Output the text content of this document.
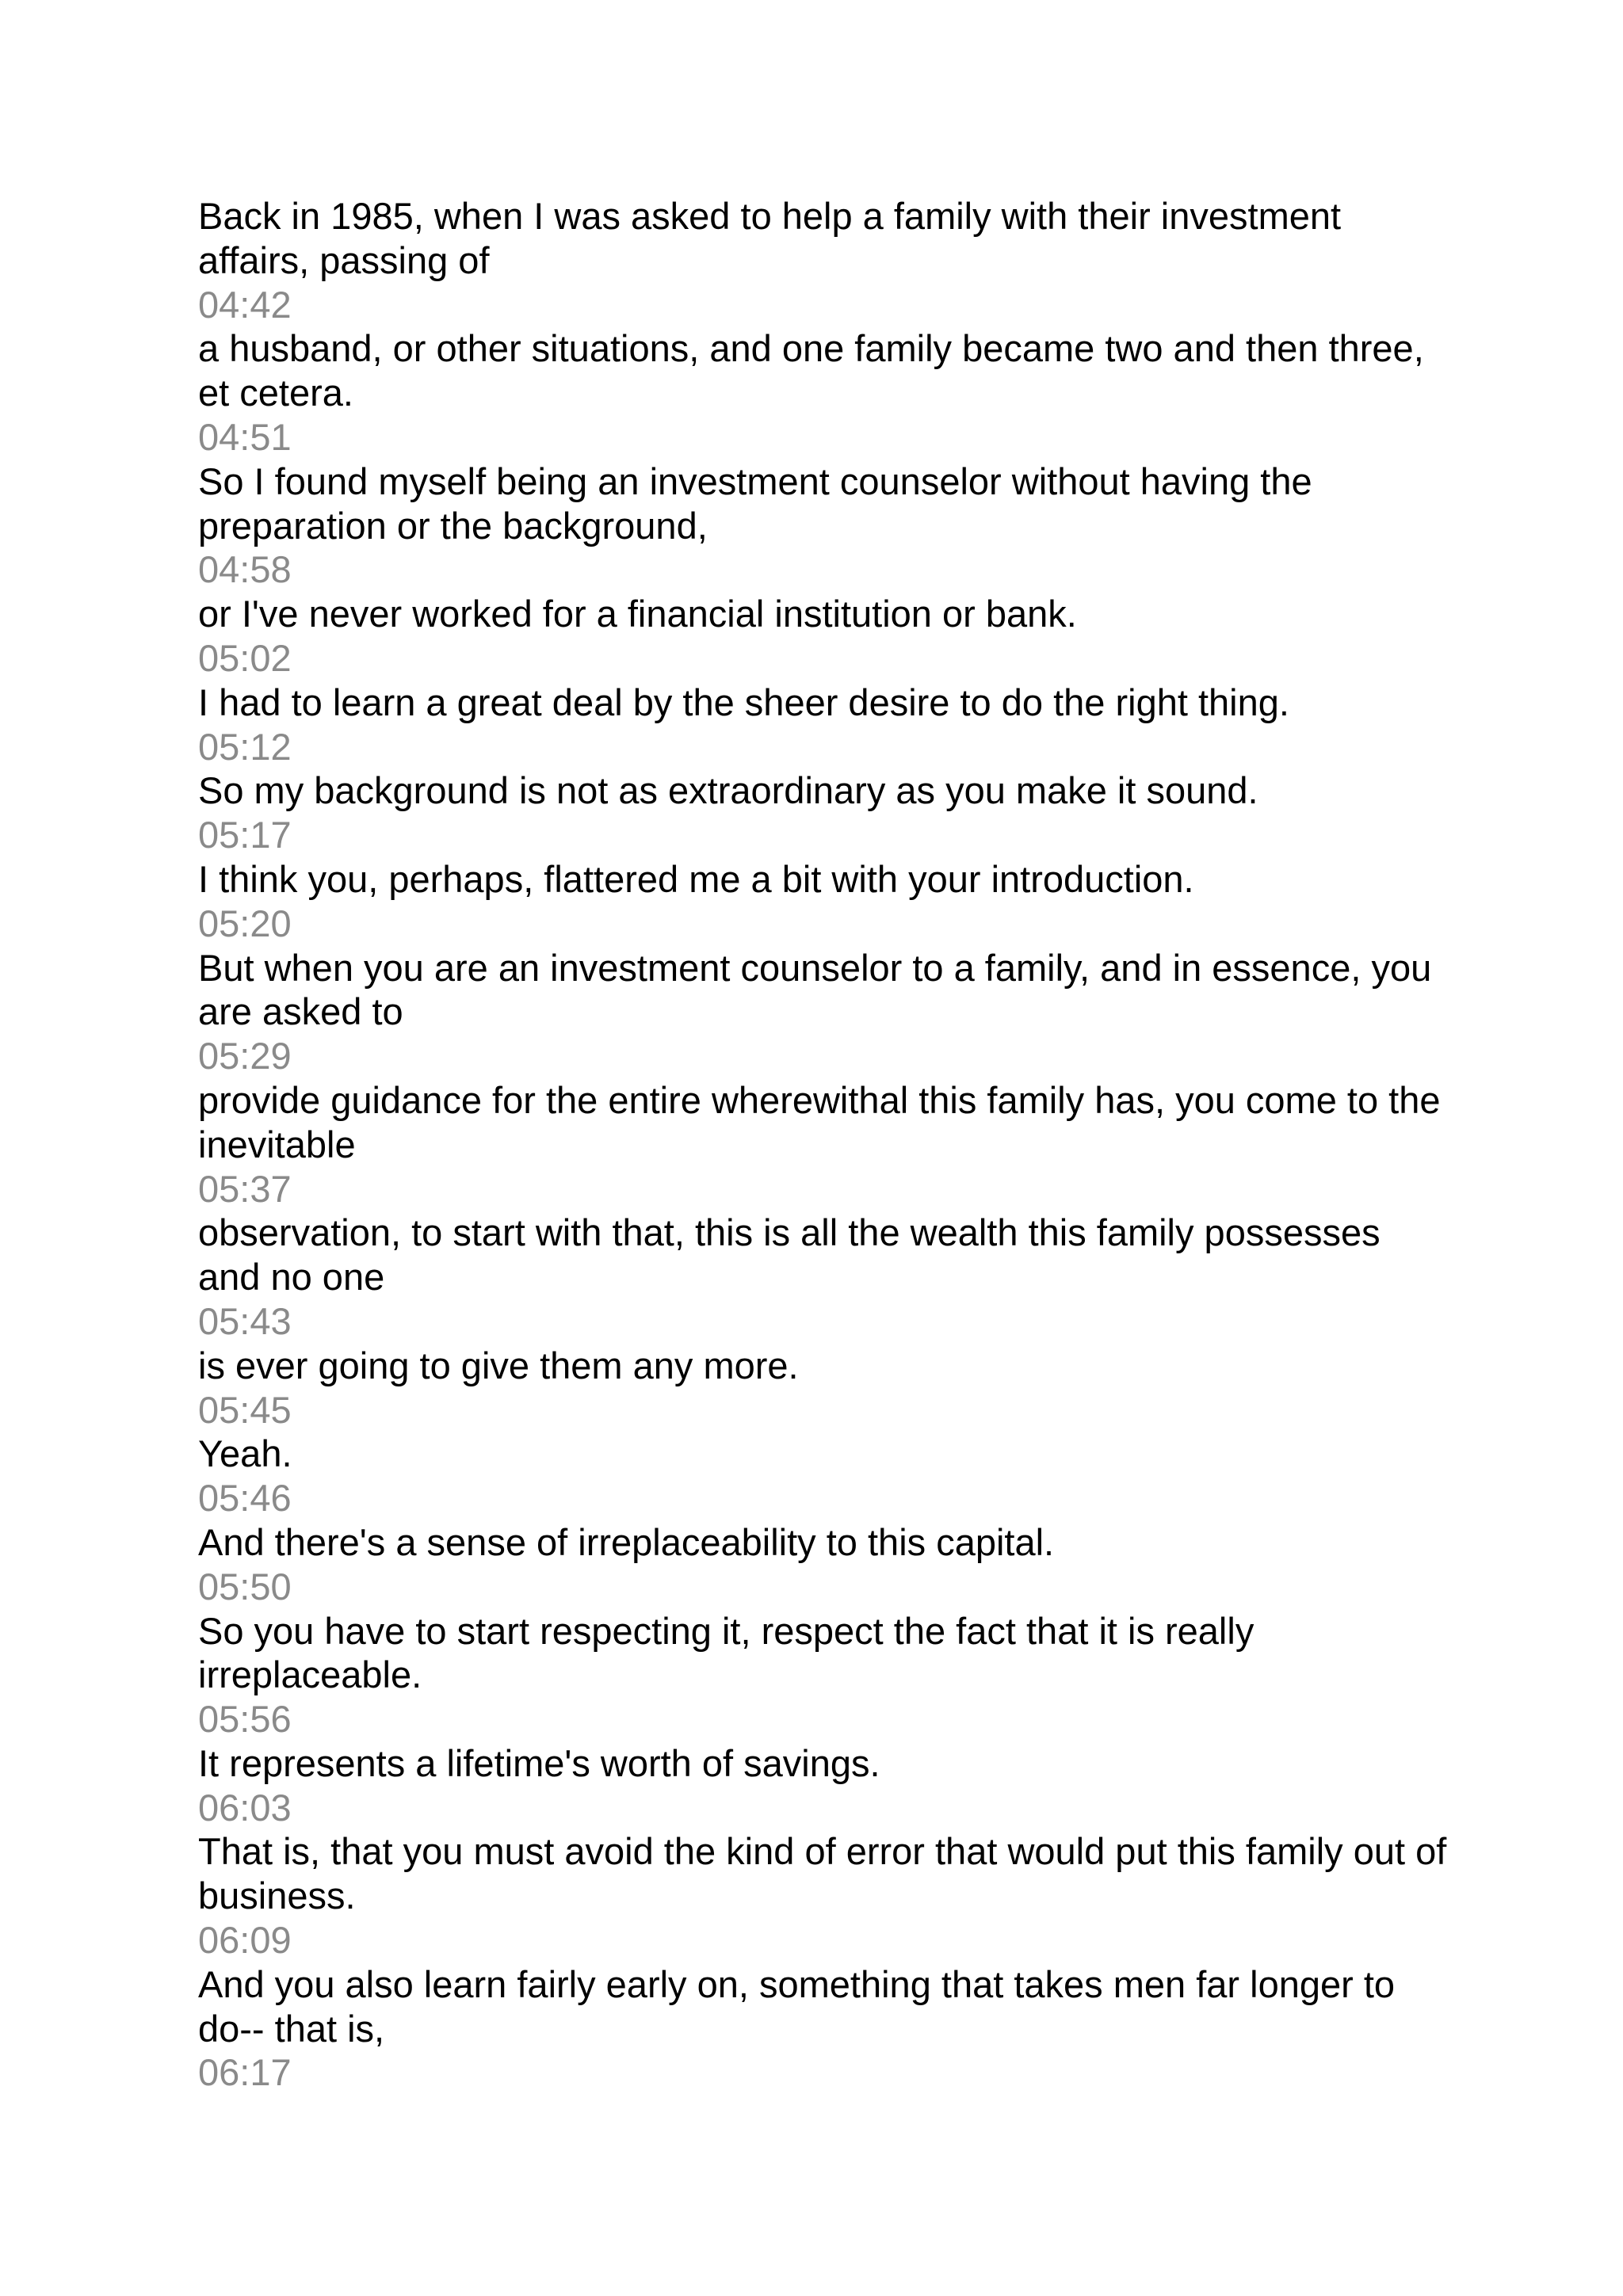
Back in 1985, when I was asked to help a family with their investment affairs, passing of
04:42
a husband, or other situations, and one family became two and then three, et cetera.
04:51
So I found myself being an investment counselor without having the preparation or the background,
04:58
or I've never worked for a financial institution or bank.
05:02
I had to learn a great deal by the sheer desire to do the right thing.
05:12
So my background is not as extraordinary as you make it sound.
05:17
I think you, perhaps, flattered me a bit with your introduction.
05:20
But when you are an investment counselor to a family, and in essence, you are asked to
05:29
provide guidance for the entire wherewithal this family has, you come to the inevitable
05:37
observation, to start with that, this is all the wealth this family possesses and no one
05:43
is ever going to give them any more.
05:45
Yeah.
05:46
And there's a sense of irreplaceability to this capital.
05:50
So you have to start respecting it, respect the fact that it is really irreplaceable.
05:56
It represents a lifetime's worth of savings.
06:03
That is, that you must avoid the kind of error that would put this family out of business.
06:09
And you also learn fairly early on, something that takes men far longer to do-- that is,
06:17
